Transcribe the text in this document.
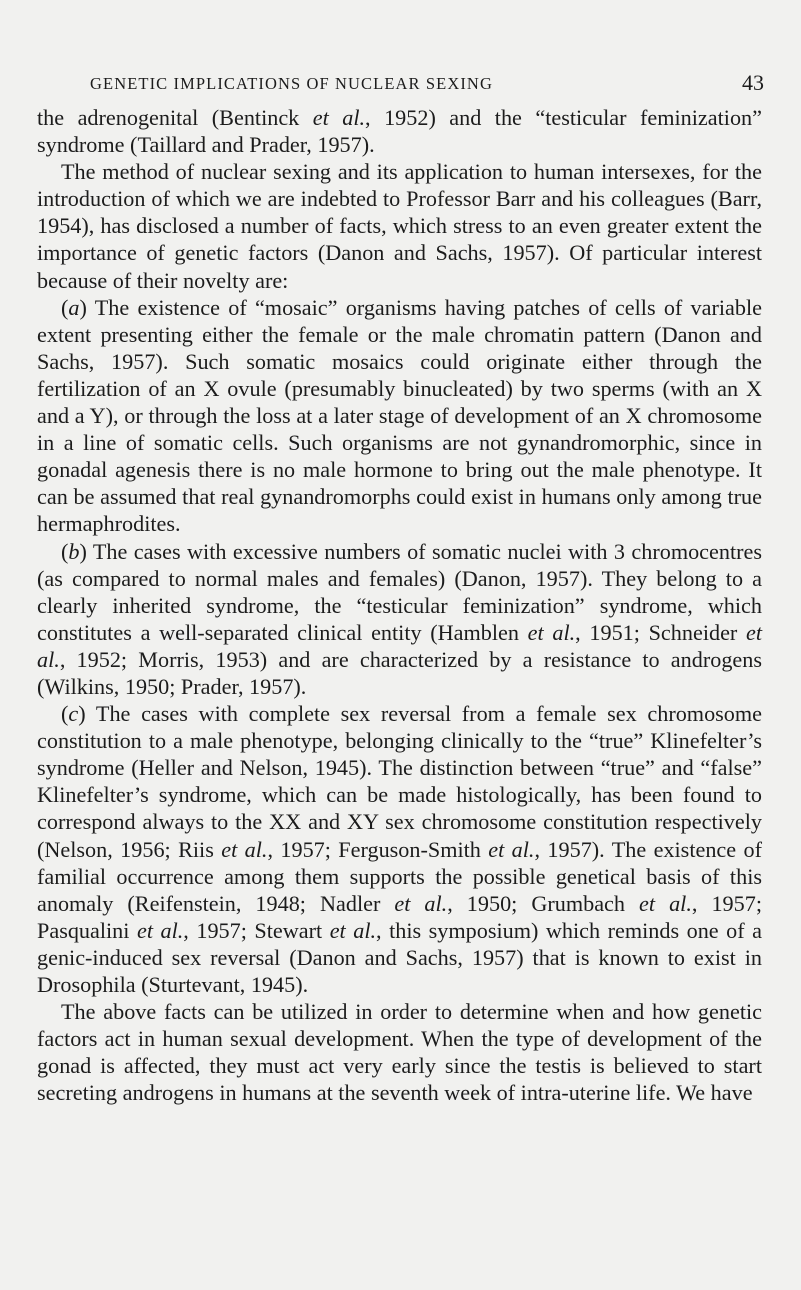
GENETIC IMPLICATIONS OF NUCLEAR SEXING	43

the adrenogenital (Bentinck et al., 1952) and the “testicular feminization” syndrome (Taillard and Prader, 1957).

The method of nuclear sexing and its application to human intersexes, for the introduction of which we are indebted to Professor Barr and his colleagues (Barr, 1954), has disclosed a number of facts, which stress to an even greater extent the importance of genetic factors (Danon and Sachs, 1957). Of particular interest because of their novelty are:

(a) The existence of “mosaic” organisms having patches of cells of variable extent presenting either the female or the male chromatin pattern (Danon and Sachs, 1957). Such somatic mosaics could originate either through the fertilization of an X ovule (presumably binucleated) by two sperms (with an X and a Y), or through the loss at a later stage of development of an X chromosome in a line of somatic cells. Such organisms are not gynandromorphic, since in gonadal agenesis there is no male hormone to bring out the male phenotype. It can be assumed that real gynandromorphs could exist in humans only among true hermaphrodites.

(b) The cases with excessive numbers of somatic nuclei with 3 chromocentres (as compared to normal males and females) (Danon, 1957). They belong to a clearly inherited syndrome, the “testicular feminization” syndrome, which constitutes a well-separated clinical entity (Hamblen et al., 1951; Schneider et al., 1952; Morris, 1953) and are characterized by a resistance to androgens (Wilkins, 1950; Prader, 1957).

(c) The cases with complete sex reversal from a female sex chromosome constitution to a male phenotype, belonging clinically to the “true” Klinefelter’s syndrome (Heller and Nelson, 1945). The distinction between “true” and “false” Klinefelter’s syndrome, which can be made histologically, has been found to correspond always to the XX and XY sex chromosome constitution respectively (Nelson, 1956; Riis et al., 1957; Ferguson-Smith et al., 1957). The existence of familial occurrence among them supports the possible genetical basis of this anomaly (Reifenstein, 1948; Nadler et al., 1950; Grumbach et al., 1957; Pasqualini et al., 1957; Stewart et al., this symposium) which reminds one of a genic-induced sex reversal (Danon and Sachs, 1957) that is known to exist in Drosophila (Sturtevant, 1945).

The above facts can be utilized in order to determine when and how genetic factors act in human sexual development. When the type of development of the gonad is affected, they must act very early since the testis is believed to start secreting androgens in humans at the seventh week of intra-uterine life. We have
